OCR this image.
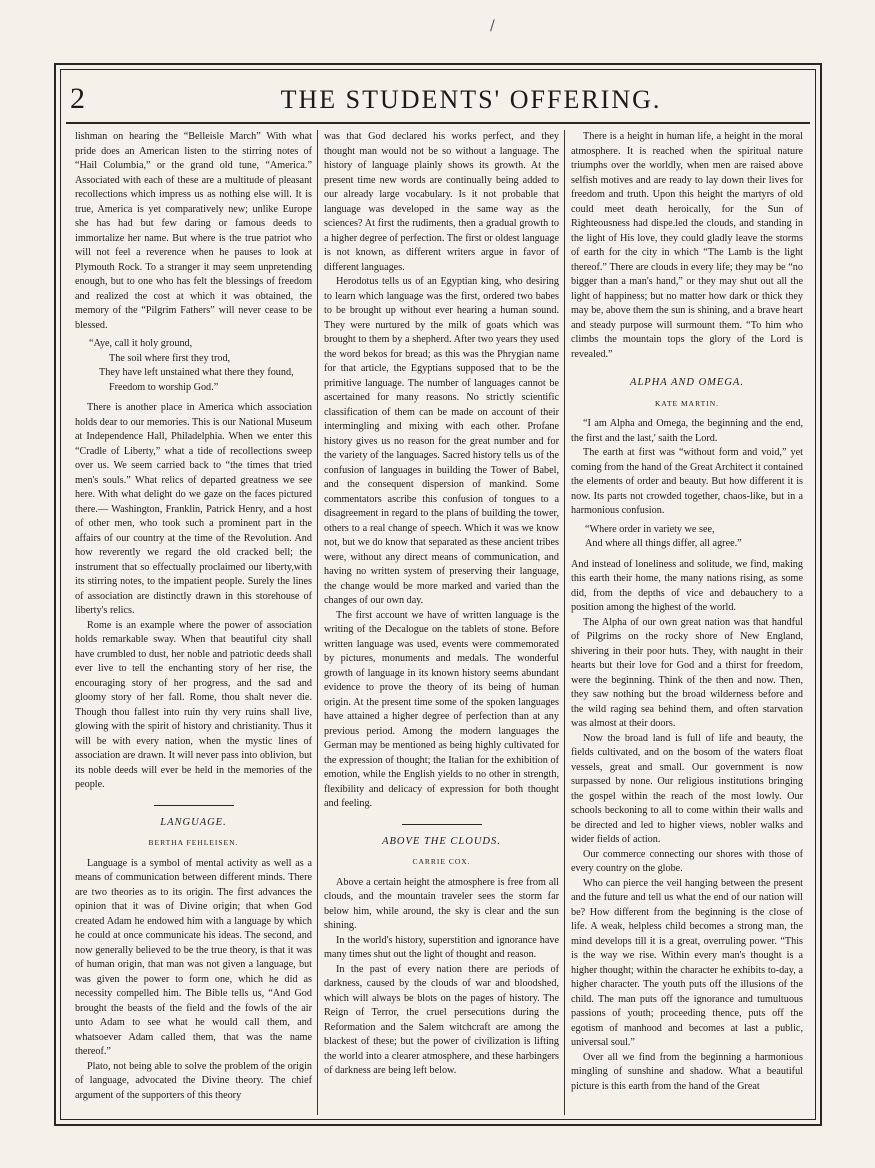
/
2	THE STUDENTS' OFFERING.

lishman on hearing the “Belleisle March” With what pride does an American listen to the stirring notes of “Hail Columbia,” or the grand old tune, “America.” Associated with each of these are a multitude of pleasant recollections which impress us as nothing else will. It is true, America is yet comparatively new; unlike Europe she has had but few daring or famous deeds to immortalize her name. But where is the true patriot who will not feel a reverence when he pauses to look at Plymouth Rock. To a stranger it may seem unpretending enough, but to one who has felt the blessings of freedom and realized the cost at which it was obtained, the memory of the “Pilgrim Fathers” will never cease to be blessed.

“Aye, call it holy ground,
The soil where first they trod,
They have left unstained what there they found,
Freedom to worship God.”

There is another place in America which association holds dear to our memories. This is our National Museum at Independence Hall, Philadelphia. When we enter this “Cradle of Liberty,” what a tide of recollections sweep over us. We seem carried back to “the times that tried men's souls.” What relics of departed greatness we see here. With what delight do we gaze on the faces pictured there.— Washington, Franklin, Patrick Henry, and a host of other men, who took such a prominent part in the affairs of our country at the time of the Revolution. And how reverently we regard the old cracked bell; the instrument that so effectually proclaimed our liberty,with its stirring notes, to the impatient people. Surely the lines of association are distinctly drawn in this storehouse of liberty's relics.

Rome is an example where the power of association holds remarkable sway. When that beautiful city shall have crumbled to dust, her noble and patriotic deeds shall ever live to tell the enchanting story of her rise, the encouraging story of her progress, and the sad and gloomy story of her fall. Rome, thou shalt never die. Though thou fallest into ruin thy very ruins shall live, glowing with the spirit of history and christianity. Thus it will be with every nation, when the mystic lines of association are drawn. It will never pass into oblivion, but its noble deeds will ever be held in the memories of the people.

LANGUAGE.
BERTHA FEHLEISEN.

Language is a symbol of mental activity as well as a means of communication between different minds. There are two theories as to its origin. The first advances the opinion that it was of Divine origin; that when God created Adam he endowed him with a language by which he could at once communicate his ideas. The second, and now generally believed to be the true theory, is that it was of human origin, that man was not given a language, but was given the power to form one, which he did as necessity compelled him. The Bible tells us, “And God brought the beasts of the field and the fowls of the air unto Adam to see what he would call them, and whatsoever Adam called them, that was the name thereof.”

Plato, not being able to solve the problem of the origin of language, advocated the Divine theory. The chief argument of the supporters of this theory

was that God declared his works perfect, and they thought man would not be so without a language. The history of language plainly shows its growth. At the present time new words are continually being added to our already large vocabulary. Is it not probable that language was developed in the same way as the sciences? At first the rudiments, then a gradual growth to a higher degree of perfection. The first or oldest language is not known, as different writers argue in favor of different languages.

Herodotus tells us of an Egyptian king, who desiring to learn which language was the first, ordered two babes to be brought up without ever hearing a human sound. They were nurtured by the milk of goats which was brought to them by a shepherd. After two years they used the word bekos for bread; as this was the Phrygian name for that article, the Egyptians supposed that to be the primitive language. The number of languages cannot be ascertained for many reasons. No strictly scientific classification of them can be made on account of their intermingling and mixing with each other. Profane history gives us no reason for the great number and for the variety of the languages. Sacred history tells us of the confusion of languages in building the Tower of Babel, and the consequent dispersion of mankind. Some commentators ascribe this confusion of tongues to a disagreement in regard to the plans of building the tower, others to a real change of speech. Which it was we know not, but we do know that separated as these ancient tribes were, without any direct means of communication, and having no written system of preserving their language, the change would be more marked and varied than the changes of our own day.

The first account we have of written language is the writing of the Decalogue on the tablets of stone. Before written language was used, events were commemorated by pictures, monuments and medals. The wonderful growth of language in its known history seems abundant evidence to prove the theory of its being of human origin. At the present time some of the spoken languages have attained a higher degree of perfection than at any previous period. Among the modern languages the German may be mentioned as being highly cultivated for the expression of thought; the Italian for the exhibition of emotion, while the English yields to no other in strength, flexibility and delicacy of expression for both thought and feeling.

ABOVE THE CLOUDS.
CARRIE COX.

Above a certain height the atmosphere is free from all clouds, and the mountain traveler sees the storm far below him, while around, the sky is clear and the sun shining.

In the world's history, superstition and ignorance have many times shut out the light of thought and reason.

In the past of every nation there are periods of darkness, caused by the clouds of war and bloodshed, which will always be blots on the pages of history. The Reign of Terror, the cruel persecutions during the Reformation and the Salem witchcraft are among the blackest of these; but the power of civilization is lifting the world into a clearer atmosphere, and these harbingers of darkness are being left below.

There is a height in human life, a height in the moral atmosphere. It is reached when the spiritual nature triumphs over the worldly, when men are raised above selfish motives and are ready to lay down their lives for freedom and truth. Upon this height the martyrs of old could meet death heroically, for the Sun of Righteousness had dispe.led the clouds, and standing in the light of His love, they could gladly leave the storms of earth for the city in which “The Lamb is the light thereof.” There are clouds in every life; they may be “no bigger than a man's hand,” or they may shut out all the light of happiness; but no matter how dark or thick they may be, above them the sun is shining, and a brave heart and steady purpose will surmount them. “To him who climbs the mountain tops the glory of the Lord is revealed.”

ALPHA AND OMEGA.
KATE MARTIN.

“I am Alpha and Omega, the beginning and the end, the first and the last,' saith the Lord.

The earth at first was “without form and void,” yet coming from the hand of the Great Architect it contained the elements of order and beauty. But how different it is now. Its parts not crowded together, chaos-like, but in a harmonious confusion.

“Where order in variety we see,
And where all things differ, all agree.”

And instead of loneliness and solitude, we find, making this earth their home, the many nations rising, as some did, from the depths of vice and debauchery to a position among the highest of the world.

The Alpha of our own great nation was that handful of Pilgrims on the rocky shore of New England, shivering in their poor huts. They, with naught in their hearts but their love for God and a thirst for freedom, were the beginning. Think of the then and now. Then, they saw nothing but the broad wilderness before and the wild raging sea behind them, and often starvation was almost at their doors.

Now the broad land is full of life and beauty, the fields cultivated, and on the bosom of the waters float vessels, great and small. Our government is now surpassed by none. Our religious institutions bringing the gospel within the reach of the most lowly. Our schools beckoning to all to come within their walls and be directed and led to higher views, nobler walks and wider fields of action.

Our commerce connecting our shores with those of every country on the globe.

Who can pierce the veil hanging between the present and the future and tell us what the end of our nation will be? How different from the beginning is the close of life. A weak, helpless child becomes a strong man, the mind develops till it is a great, overruling power. “This is the way we rise. Within every man's thought is a higher thought; within the character he exhibits to-day, a higher character. The youth puts off the illusions of the child. The man puts off the ignorance and tumultuous passions of youth; proceeding thence, puts off the egotism of manhood and becomes at last a public, universal soul.”

Over all we find from the beginning a harmonious mingling of sunshine and shadow. What a beautiful picture is this earth from the hand of the Great
